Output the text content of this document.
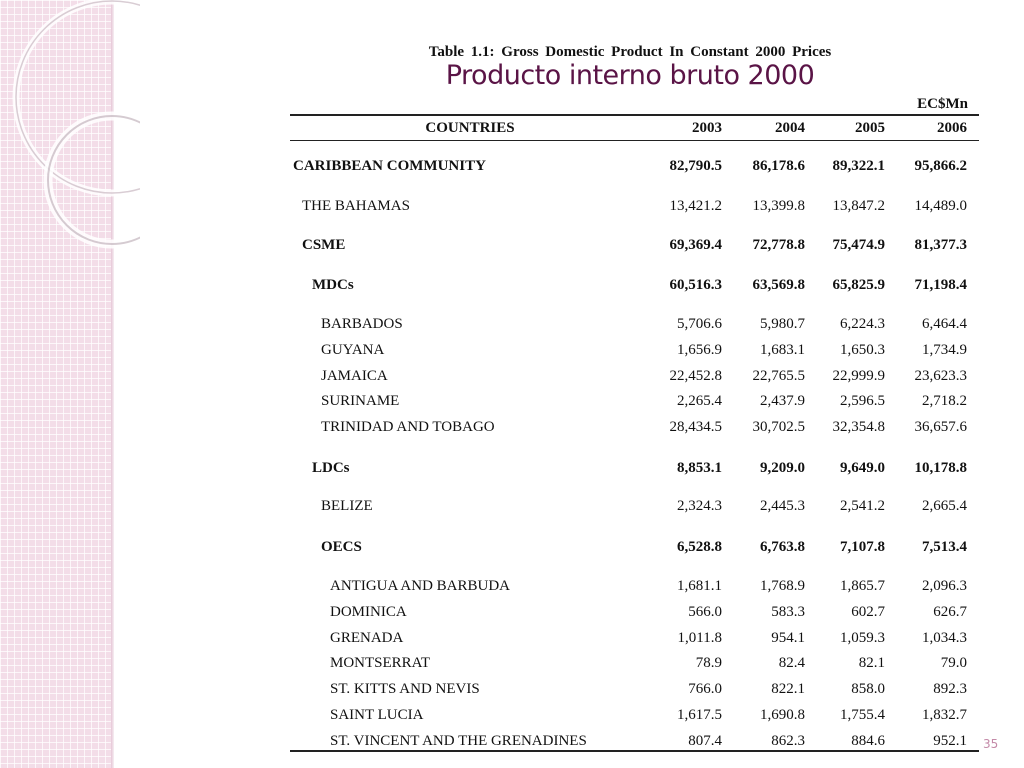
Table 1.1: Gross Domestic Product In Constant 2000 Prices
Producto interno bruto 2000
EC$Mn
COUNTRIES	2003	2004	2005	2006
CARIBBEAN COMMUNITY	82,790.5	86,178.6	89,322.1	95,866.2
THE BAHAMAS	13,421.2	13,399.8	13,847.2	14,489.0
CSME	69,369.4	72,778.8	75,474.9	81,377.3
MDCs	60,516.3	63,569.8	65,825.9	71,198.4
BARBADOS	5,706.6	5,980.7	6,224.3	6,464.4
GUYANA	1,656.9	1,683.1	1,650.3	1,734.9
JAMAICA	22,452.8	22,765.5	22,999.9	23,623.3
SURINAME	2,265.4	2,437.9	2,596.5	2,718.2
TRINIDAD AND TOBAGO	28,434.5	30,702.5	32,354.8	36,657.6
LDCs	8,853.1	9,209.0	9,649.0	10,178.8
BELIZE	2,324.3	2,445.3	2,541.2	2,665.4
OECS	6,528.8	6,763.8	7,107.8	7,513.4
ANTIGUA AND BARBUDA	1,681.1	1,768.9	1,865.7	2,096.3
DOMINICA	566.0	583.3	602.7	626.7
GRENADA	1,011.8	954.1	1,059.3	1,034.3
MONTSERRAT	78.9	82.4	82.1	79.0
ST. KITTS AND NEVIS	766.0	822.1	858.0	892.3
SAINT LUCIA	1,617.5	1,690.8	1,755.4	1,832.7
ST. VINCENT AND THE GRENADINES	807.4	862.3	884.6	952.1 35
